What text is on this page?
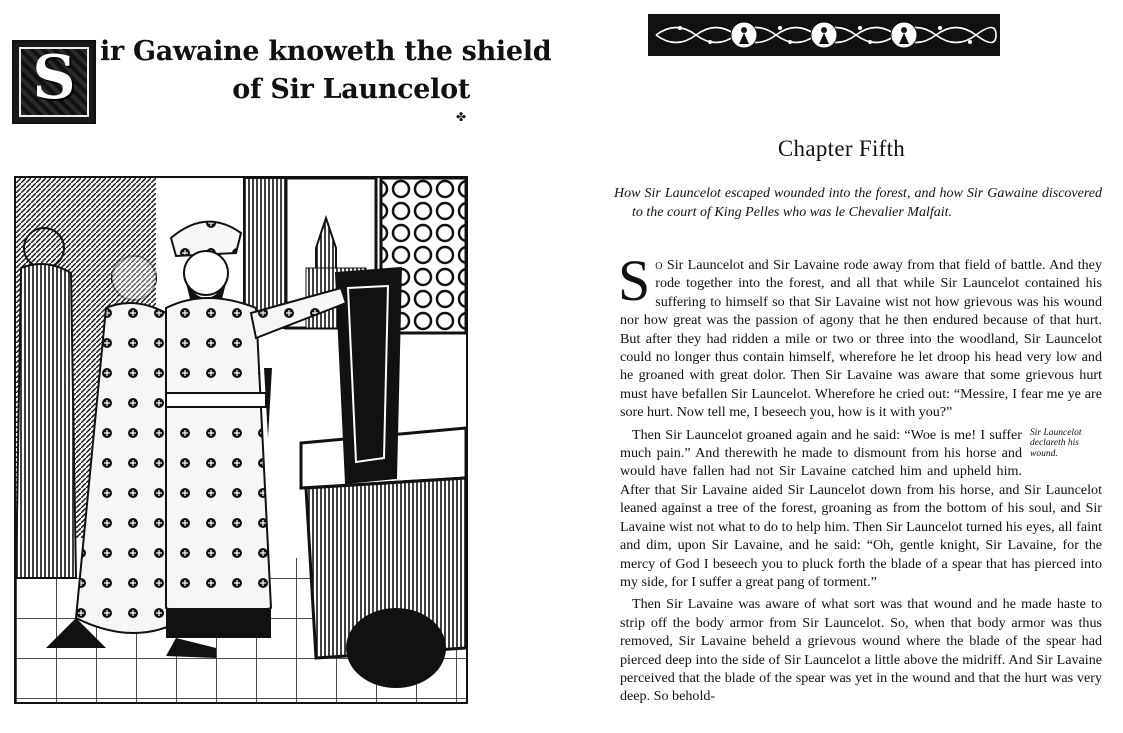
S ir Gawaine knoweth the shield
of Sir Launcelot
✤
Chapter Fifth
How Sir Launcelot escaped wounded into the forest, and how Sir Gawaine discovered to the court of King Pelles who was le Chevalier Malfait.

So Sir Launcelot and Sir Lavaine rode away from that field of battle. And they rode together into the forest, and all that while Sir Launcelot contained his suffering to himself so that Sir Lavaine wist not how grievous was his wound nor how great was the passion of agony that he then endured because of that hurt. But after they had ridden a mile or two or three into the woodland, Sir Launcelot could no longer thus contain himself, wherefore he let droop his head very low and he groaned with great dolor. Then Sir Lavaine was aware that some grievous hurt must have befallen Sir Launcelot. Wherefore he cried out: “Messire, I fear me ye are sore hurt. Now tell me, I beseech you, how is it with you?”

Sir Launcelot declareth his wound.
Then Sir Launcelot groaned again and he said: “Woe is me! I suffer much pain.” And therewith he made to dismount from his horse and would have fallen had not Sir Lavaine catched him and upheld him. After that Sir Lavaine aided Sir Launcelot down from his horse, and Sir Launcelot leaned against a tree of the forest, groaning as from the bottom of his soul, and Sir Lavaine wist not what to do to help him. Then Sir Launcelot turned his eyes, all faint and dim, upon Sir Lavaine, and he said: “Oh, gentle knight, Sir Lavaine, for the mercy of God I beseech you to pluck forth the blade of a spear that has pierced into my side, for I suffer a great pang of torment.”

Then Sir Lavaine was aware of what sort was that wound and he made haste to strip off the body armor from Sir Launcelot. So, when that body armor was thus removed, Sir Lavaine beheld a grievous wound where the blade of the spear had pierced deep into the side of Sir Launcelot a little above the midriff. And Sir Lavaine perceived that the blade of the spear was yet in the wound and that the hurt was very deep. So behold-
